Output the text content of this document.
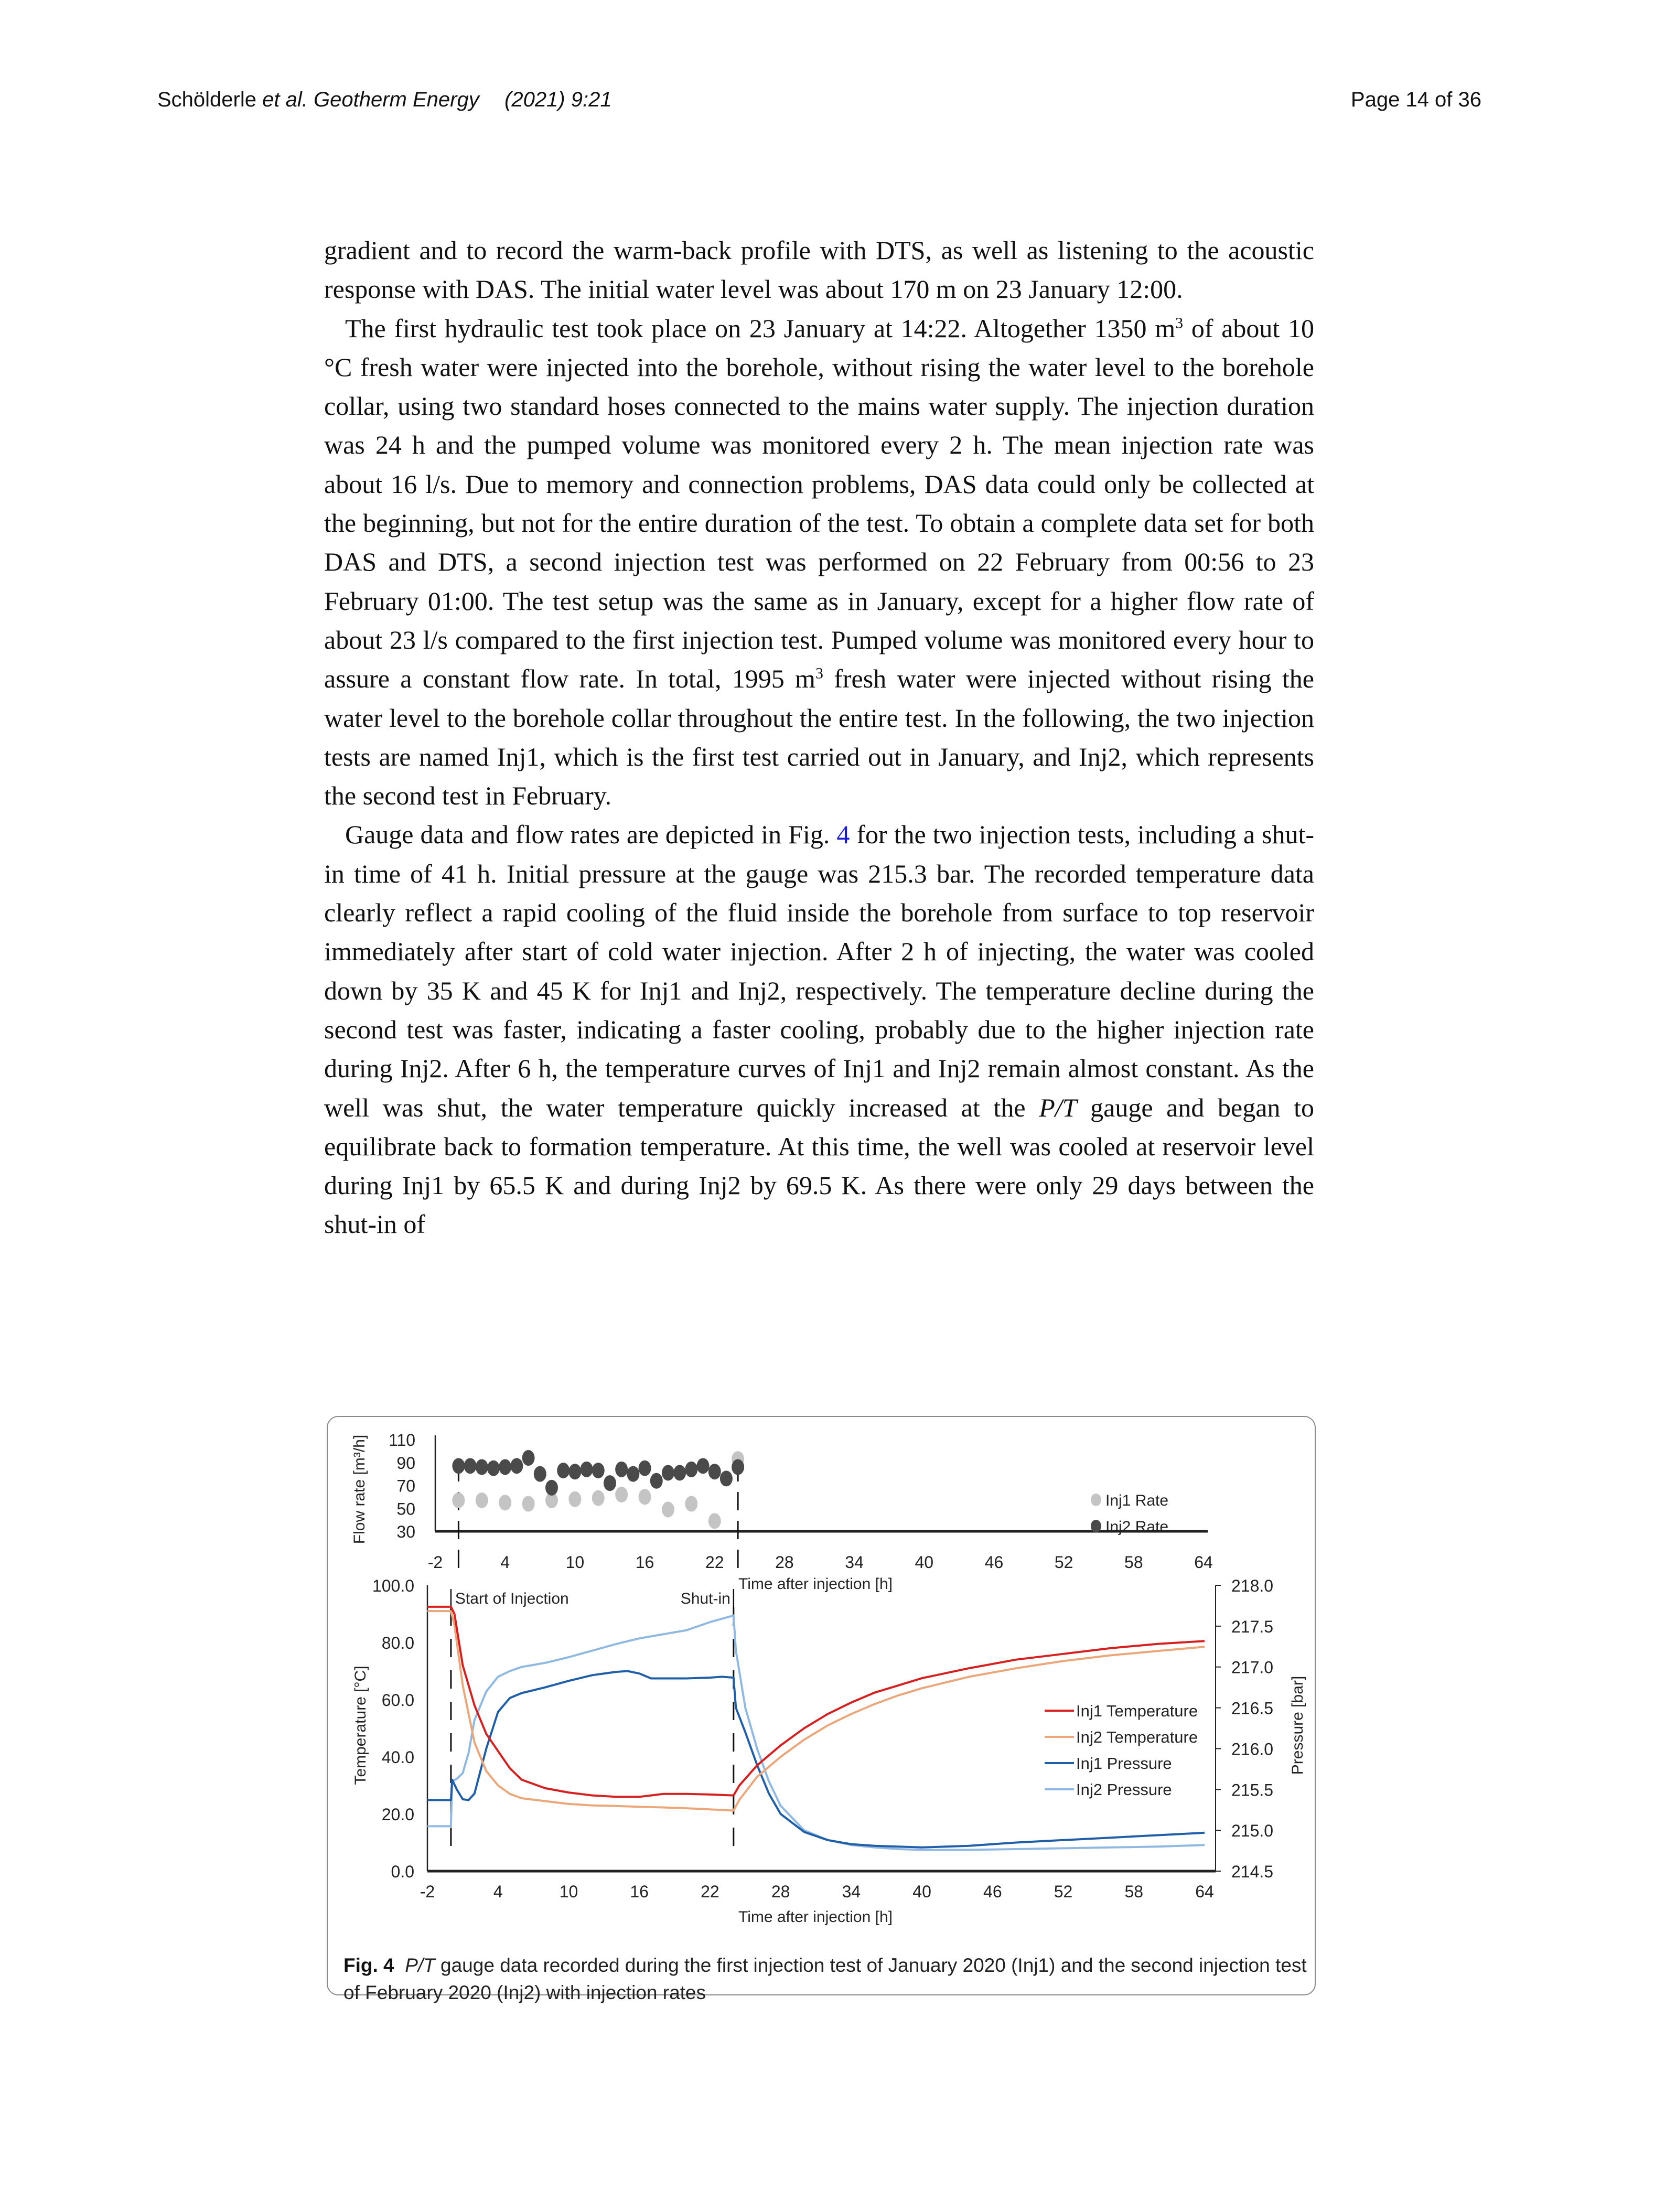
Schölderle et al. Geotherm Energy (2021) 9:21	Page 14 of 36

gradient and to record the warm-back profile with DTS, as well as listening to the acoustic response with DAS. The initial water level was about 170 m on 23 January 12:00.

The first hydraulic test took place on 23 January at 14:22. Altogether 1350 $m^3$ of about 10 °C fresh water were injected into the borehole, without rising the water level to the borehole collar, using two standard hoses connected to the mains water supply. The injection duration was 24 h and the pumped volume was monitored every 2 h. The mean injection rate was about 16 l/s. Due to memory and connection problems, DAS data could only be collected at the beginning, but not for the entire duration of the test. To obtain a complete data set for both DAS and DTS, a second injection test was performed on 22 February from 00:56 to 23 February 01:00. The test setup was the same as in January, except for a higher flow rate of about 23 l/s compared to the first injection test. Pumped volume was monitored every hour to assure a constant flow rate. In total, 1995 $m^3$ fresh water were injected without rising the water level to the borehole collar throughout the entire test. In the following, the two injection tests are named Inj1, which is the first test carried out in January, and Inj2, which represents the second test in February.

Gauge data and flow rates are depicted in Fig. 4 for the two injection tests, including a shut-in time of 41 h. Initial pressure at the gauge was 215.3 bar. The recorded temperature data clearly reflect a rapid cooling of the fluid inside the borehole from surface to top reservoir immediately after start of cold water injection. After 2 h of injecting, the water was cooled down by 35 K and 45 K for Inj1 and Inj2, respectively. The temperature decline during the second test was faster, indicating a faster cooling, probably due to the higher injection rate during Inj2. After 6 h, the temperature curves of Inj1 and Inj2 remain almost constant. As the well was shut, the water temperature quickly increased at the P/T gauge and began to equilibrate back to formation temperature. At this time, the well was cooled at reservoir level during Inj1 by 65.5 K and during Inj2 by 69.5 K. As there were only 29 days between the shut-in of

30
50
70
90
110
-2	4	10	16	22	28	34	40	46	52	58	64
Time after injection [h]
Flow rate [m³/h]	Inj1 Rate
Inj2 Rate
0.0
20.0
40.0
60.0
80.0
100.0
214.5
215.0
215.5
216.0
216.5
217.0
217.5
218.0
-2	4	10	16	22	28	34	40	46	52	58	64
Time after injection [h]
Temperature [°C]	Pressure [bar]
Start of Injection	Shut-in
Inj1 Temperature
Inj2 Temperature
Inj1 Pressure
Inj2 Pressure
Fig. 4 P/T gauge data recorded during the first injection test of January 2020 (Inj1) and the second injection test of February 2020 (Inj2) with injection rates
